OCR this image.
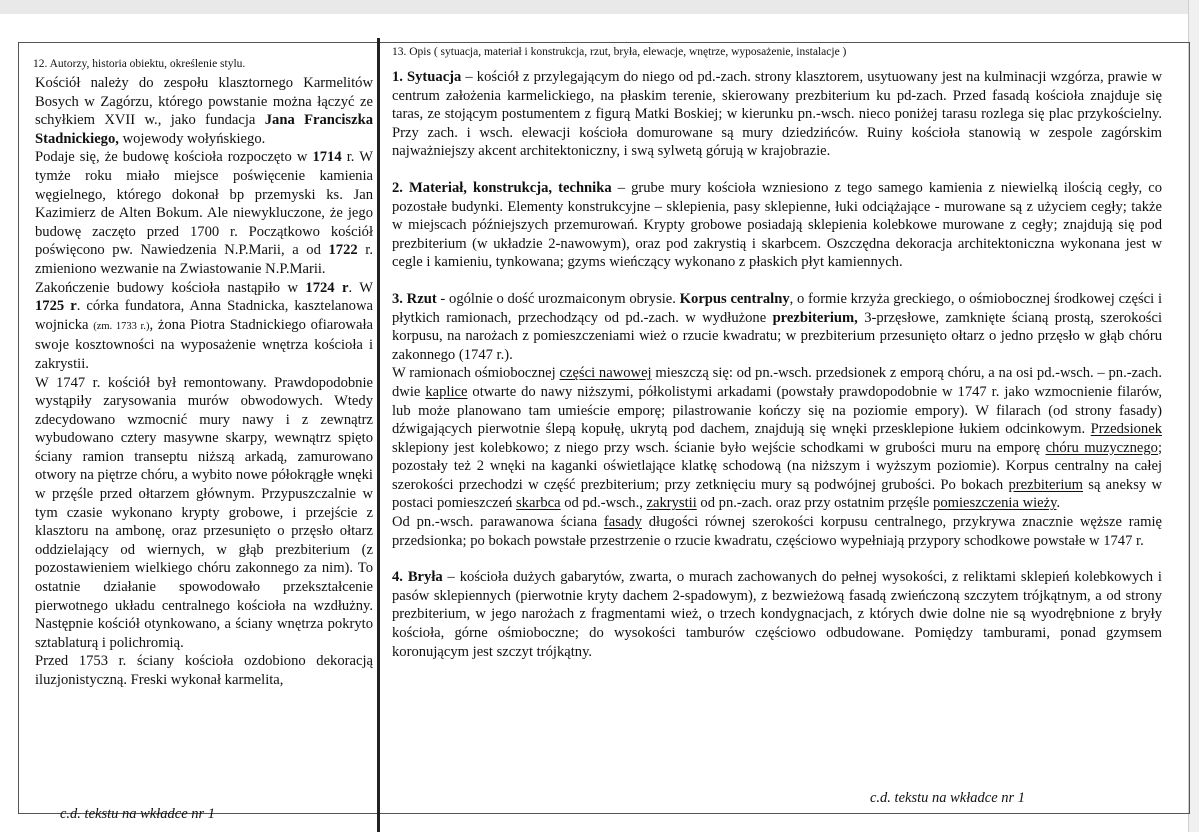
12. Autorzy, historia obiektu, określenie stylu.

Kościół należy do zespołu klasztornego Karmelitów Bosych w Zagórzu, którego powstanie można łączyć ze schyłkiem XVII w., jako fundacja Jana Franciszka Stadnickiego, wojewody wołyńskiego.

Podaje się, że budowę kościoła rozpoczęto w 1714 r. W tymże roku miało miejsce poświęcenie kamienia węgielnego, którego dokonał bp przemyski ks. Jan Kazimierz de Alten Bokum. Ale niewykluczone, że jego budowę zaczęto przed 1700 r. Początkowo kościół poświęcono pw. Nawiedzenia N.P.Marii, a od 1722 r. zmieniono wezwanie na Zwiastowanie N.P.Marii.

Zakończenie budowy kościoła nastąpiło w 1724 r. W 1725 r. córka fundatora, Anna Stadnicka, kasztelanowa wojnicka (zm. 1733 r.), żona Piotra Stadnickiego ofiarowała swoje kosztowności na wyposażenie wnętrza kościoła i zakrystii.

W 1747 r. kościół był remontowany. Prawdopodobnie wystąpiły zarysowania murów obwodowych. Wtedy zdecydowano wzmocnić mury nawy i z zewnątrz wybudowano cztery masywne skarpy, wewnątrz spięto ściany ramion transeptu niższą arkadą, zamurowano otwory na piętrze chóru, a wybito nowe półokrągłe wnęki w przęśle przed ołtarzem głównym. Przypuszczalnie w tym czasie wykonano krypty grobowe, i przejście z klasztoru na ambonę, oraz przesunięto o przęsło ołtarz oddzielający od wiernych, w głąb prezbiterium (z pozostawieniem wielkiego chóru zakonnego za nim). To ostatnie działanie spowodowało przekształcenie pierwotnego układu centralnego kościoła na wzdłużny. Następnie kościół otynkowano, a ściany wnętrza pokryto sztablaturą i polichromią.

Przed 1753 r. ściany kościoła ozdobiono dekoracją iluzjonistyczną. Freski wykonał karmelita,

c.d. tekstu na wkładce nr 1
13. Opis ( sytuacja, materiał i konstrukcja, rzut, bryła, elewacje, wnętrze, wyposażenie, instalacje )

1. Sytuacja – kościół z przylegającym do niego od pd.-zach. strony klasztorem, usytuowany jest na kulminacji wzgórza, prawie w centrum założenia karmelickiego, na płaskim terenie, skierowany prezbiterium ku pd-zach. Przed fasadą kościoła znajduje się taras, ze stojącym postumentem z figurą Matki Boskiej; w kierunku pn.-wsch. nieco poniżej tarasu rozlega się plac przykościelny. Przy zach. i wsch. elewacji kościoła domurowane są mury dziedzińców. Ruiny kościoła stanowią w zespole zagórskim najważniejszy akcent architektoniczny, i swą sylwetą górują w krajobrazie.

2. Materiał, konstrukcja, technika – grube mury kościoła wzniesiono z tego samego kamienia z niewielką ilością cegły, co pozostałe budynki. Elementy konstrukcyjne – sklepienia, pasy sklepienne, łuki odciążające - murowane są z użyciem cegły; także w miejscach późniejszych przemurowań. Krypty grobowe posiadają sklepienia kolebkowe murowane z cegły; znajdują się pod prezbiterium (w układzie 2-nawowym), oraz pod zakrystią i skarbcem. Oszczędna dekoracja architektoniczna wykonana jest w cegle i kamieniu, tynkowana; gzyms wieńczący wykonano z płaskich płyt kamiennych.

3. Rzut - ogólnie o dość urozmaiconym obrysie. Korpus centralny, o formie krzyża greckiego, o ośmiobocznej środkowej części i płytkich ramionach, przechodzący od pd.-zach. w wydłużone prezbiterium, 3-przęsłowe, zamknięte ścianą prostą, szerokości korpusu, na narożach z pomieszczeniami wież o rzucie kwadratu; w prezbiterium przesunięto ołtarz o jedno przęsło w głąb chóru zakonnego (1747 r.).

W ramionach ośmiobocznej części nawowej mieszczą się: od pn.-wsch. przedsionek z emporą chóru, a na osi pd.-wsch. – pn.-zach. dwie kaplice otwarte do nawy niższymi, półkolistymi arkadami (powstały prawdopodobnie w 1747 r. jako wzmocnienie filarów, lub może planowano tam umieście emporę; pilastrowanie kończy się na poziomie empory). W filarach (od strony fasady) dźwigających pierwotnie ślepą kopułę, ukrytą pod dachem, znajdują się wnęki przesklepione łukiem odcinkowym. Przedsionek sklepiony jest kolebkowo; z niego przy wsch. ścianie było wejście schodkami w grubości muru na emporę chóru muzycznego; pozostały też 2 wnęki na kaganki oświetlające klatkę schodową (na niższym i wyższym poziomie). Korpus centralny na całej szerokości przechodzi w część prezbiterium; przy zetknięciu mury są podwójnej grubości. Po bokach prezbiterium są aneksy w postaci pomieszczeń skarbca od pd.-wsch., zakrystii od pn.-zach. oraz przy ostatnim przęśle pomieszczenia wieży.

Od pn.-wsch. parawanowa ściana fasady długości równej szerokości korpusu centralnego, przykrywa znacznie węższe ramię przedsionka; po bokach powstałe przestrzenie o rzucie kwadratu, częściowo wypełniają przypory schodkowe powstałe w 1747 r.

4. Bryła – kościoła dużych gabarytów, zwarta, o murach zachowanych do pełnej wysokości, z reliktami sklepień kolebkowych i pasów sklepiennych (pierwotnie kryty dachem 2-spadowym), z bezwieżową fasadą zwieńczoną szczytem trójkątnym, a od strony prezbiterium, w jego narożach z fragmentami wież, o trzech kondygnacjach, z których dwie dolne nie są wyodrębnione z bryły kościoła, górne ośmioboczne; do wysokości tamburów częściowo odbudowane. Pomiędzy tamburami, ponad gzymsem koronującym jest szczyt trójkątny.

c.d. tekstu na wkładce nr 1
